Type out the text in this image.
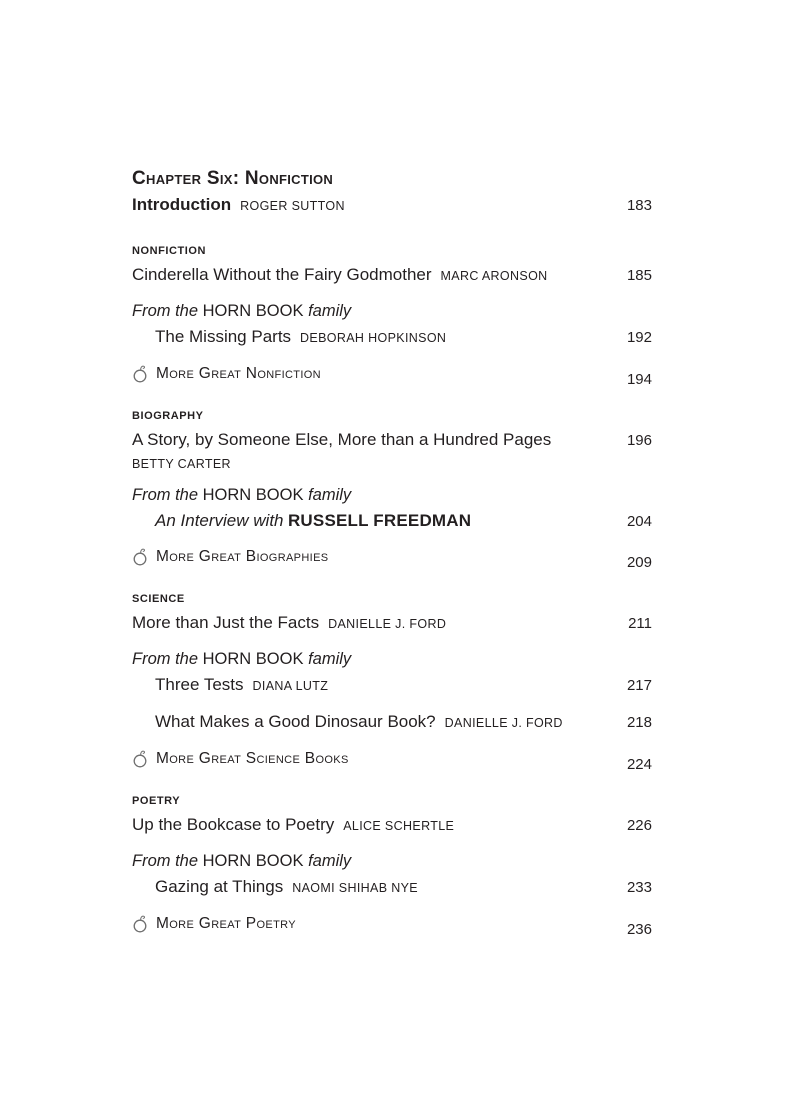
Chapter Six: Nonfiction
Introduction ROGER SUTTON	183
NONFICTION
Cinderella Without the Fairy Godmother MARC ARONSON	185
From the HORN BOOK family
The Missing Parts DEBORAH HOPKINSON	192
More Great Nonfiction	194
BIOGRAPHY
A Story, by Someone Else, More than a Hundred Pages	196
BETTY CARTER
From the HORN BOOK family
An Interview with RUSSELL FREEDMAN	204
More Great Biographies	209
SCIENCE
More than Just the Facts DANIELLE J. FORD	211
From the HORN BOOK family
Three Tests DIANA LUTZ	217
What Makes a Good Dinosaur Book? DANIELLE J. FORD	218
More Great Science Books	224
POETRY
Up the Bookcase to Poetry ALICE SCHERTLE	226
From the HORN BOOK family
Gazing at Things NAOMI SHIHAB NYE	233
More Great Poetry	236
